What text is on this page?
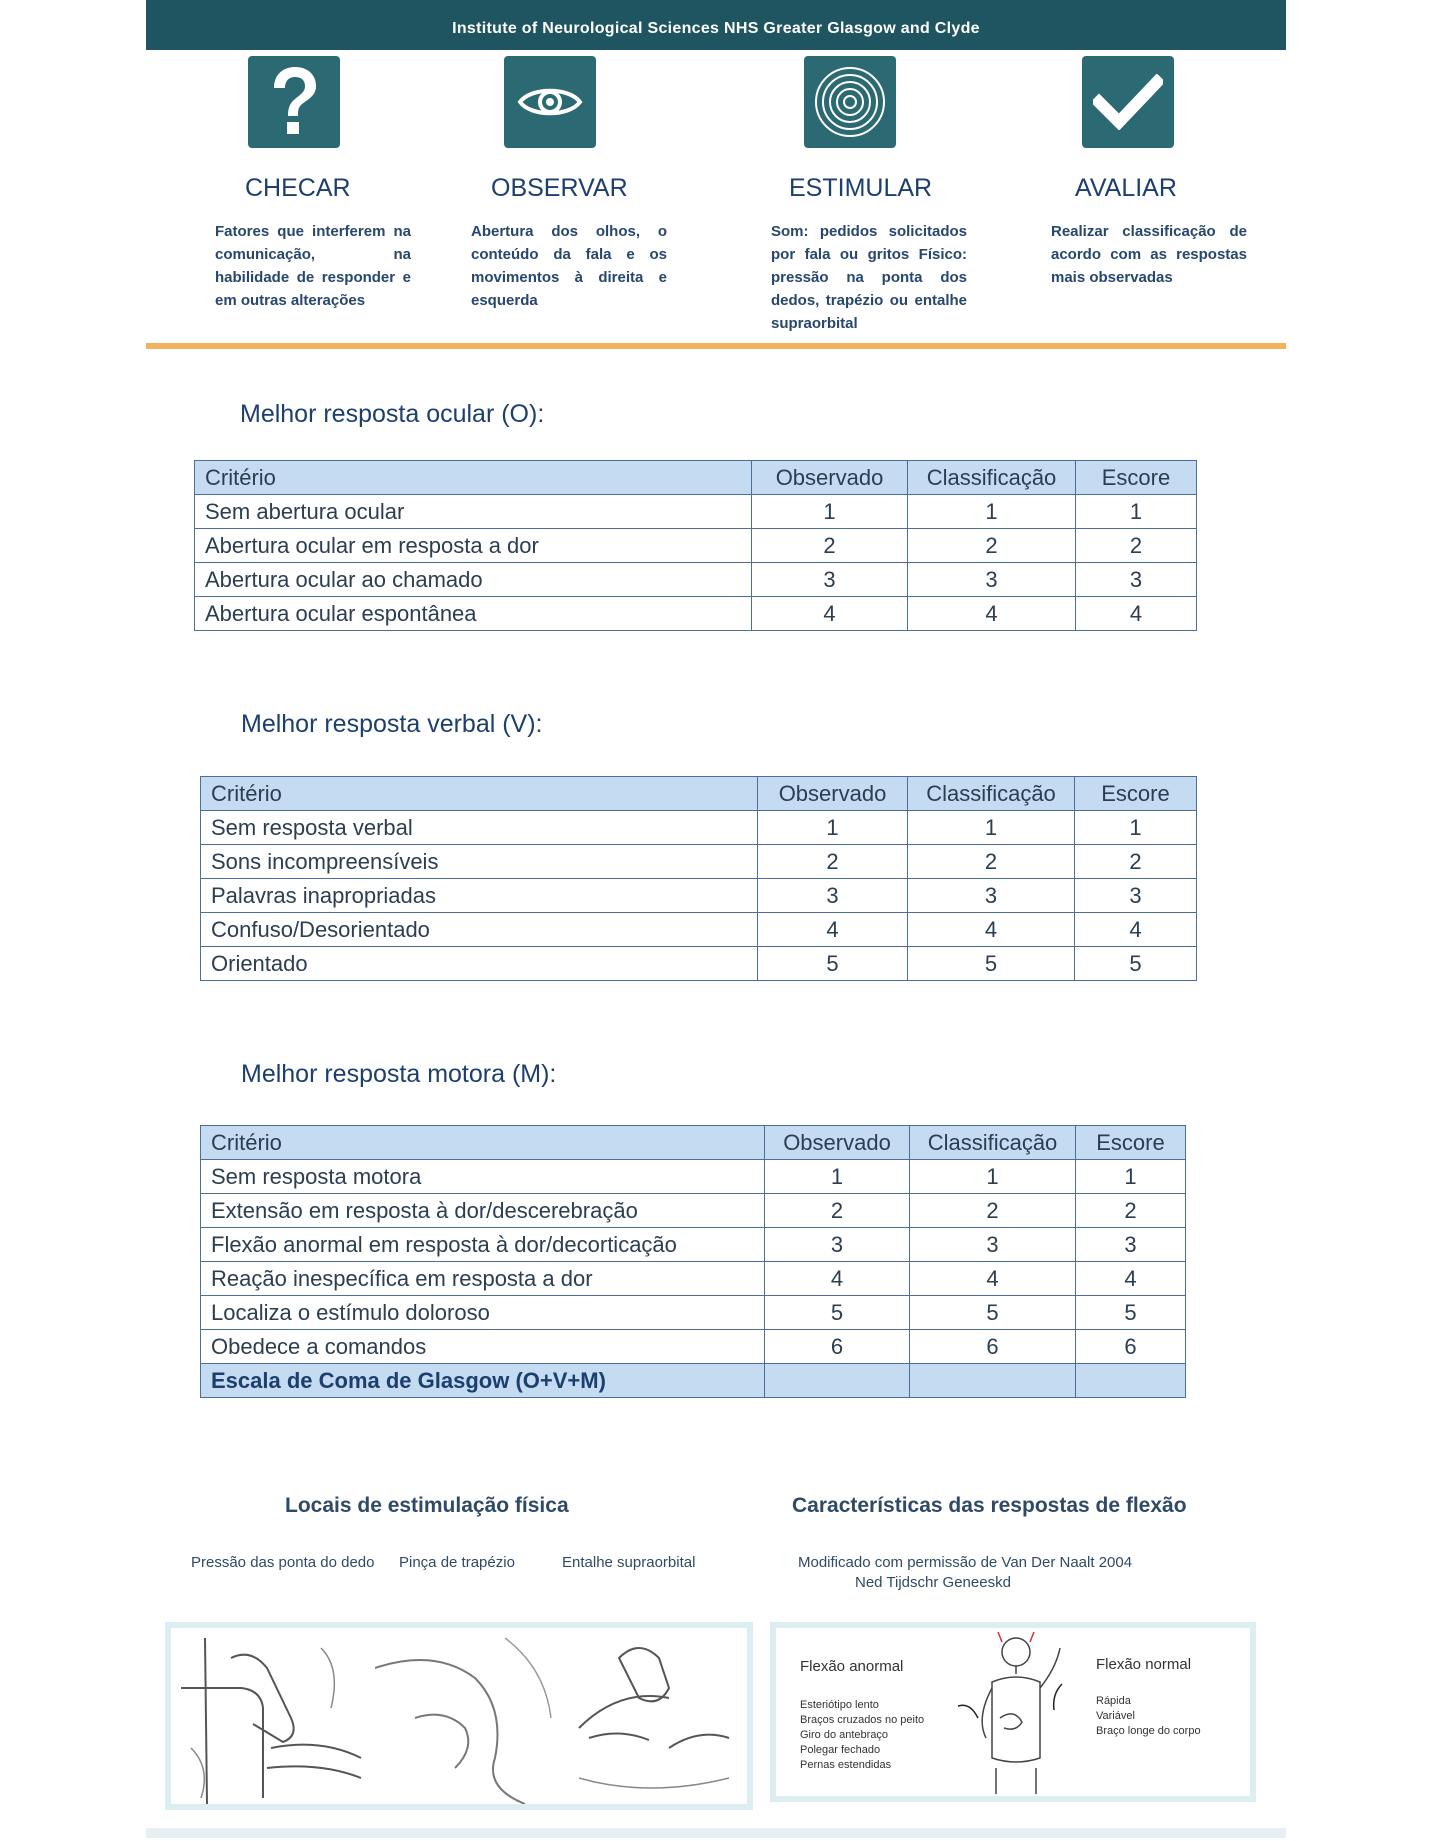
Institute of Neurological Sciences NHS Greater Glasgow and Clyde
CHECAR
Fatores que interferem na comunicação, na habilidade de responder e em outras alterações
OBSERVAR
Abertura dos olhos, o conteúdo da fala e os movimentos à direita e esquerda
ESTIMULAR
Som: pedidos solicitados por fala ou gritos Físico: pressão na ponta dos dedos, trapézio ou entalhe supraorbital
AVALIAR
Realizar classificação de acordo com as respostas mais observadas
Melhor resposta ocular (O):
Critério	Observado	Classificação	Escore
Sem abertura ocular	1	1	1
Abertura ocular em resposta a dor	2	2	2
Abertura ocular ao chamado	3	3	3
Abertura ocular espontânea	4	4	4
Melhor resposta verbal (V):
Critério	Observado	Classificação	Escore
Sem resposta verbal	1	1	1
Sons incompreensíveis	2	2	2
Palavras inapropriadas	3	3	3
Confuso/Desorientado	4	4	4
Orientado	5	5	5
Melhor resposta motora (M):
Critério	Observado	Classificação	Escore
Sem resposta motora	1	1	1
Extensão em resposta à dor/descerebração	2	2	2
Flexão anormal em resposta à dor/decorticação	3	3	3
Reação inespecífica em resposta a dor	4	4	4
Localiza o estímulo doloroso	5	5	5
Obedece a comandos	6	6	6
Escala de Coma de Glasgow (O+V+M)			
Locais de estimulação física
Pressão das ponta do dedo Pinça de trapézio	Entalhe supraorbital
Características das respostas de flexão
Modificado com permissão de Van Der Naalt 2004
Ned Tijdschr Geneeskd
Flexão anormal
Esteriótipo lento
Braços cruzados no peito
Giro do antebraço
Polegar fechado
Pernas estendidas
Flexão normal
Rápida
Variável
Braço longe do corpo
